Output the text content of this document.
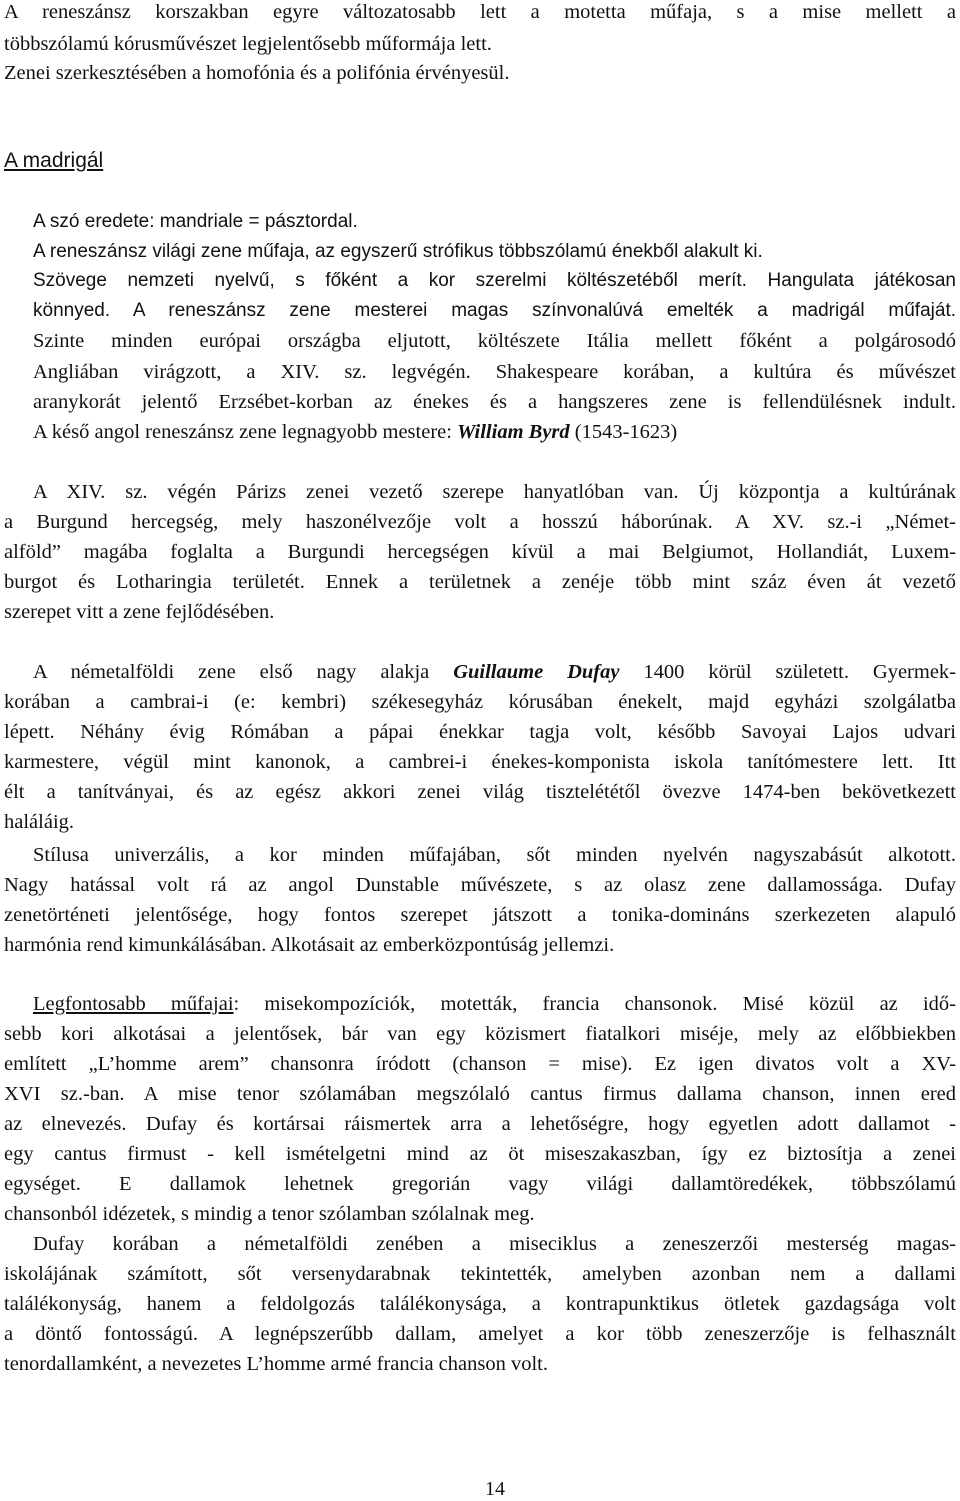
A reneszánsz korszakban egyre változatosabb lett a motetta műfaja, s a mise mellett a
többszólamú kórusművészet legjelentősebb műformája lett.
Zenei szerkesztésében a homofónia és a polifónia érvényesül.
A madrigál
A szó eredete: mandriale = pásztordal.
A reneszánsz világi zene műfaja, az egyszerű strófikus többszólamú énekből alakult ki.
Szövege nemzeti nyelvű, s főként a kor szerelmi költészetéből merít. Hangulata játékosan
könnyed. A reneszánsz zene mesterei magas színvonalúvá emelték a madrigál műfaját.
Szinte minden európai országba eljutott, költészete Itália mellett főként a polgárosodó
Angliában virágzott, a XIV. sz. legvégén. Shakespeare korában, a kultúra és művészet
aranykorát jelentő Erzsébet-korban az énekes és a hangszeres zene is fellendülésnek indult.
A késő angol reneszánsz zene legnagyobb mestere: William Byrd (1543-1623)
A XIV. sz. végén Párizs zenei vezető szerepe hanyatlóban van. Új központja a kultúrának
a Burgund hercegség, mely haszonélvezője volt a hosszú háborúnak. A XV. sz.-i „Német-
alföld” magába foglalta a Burgundi hercegségen kívül a mai Belgiumot, Hollandiát, Luxem-
burgot és Lotharingia területét. Ennek a területnek a zenéje több mint száz éven át vezető
szerepet vitt a zene fejlődésében.
A németalföldi zene első nagy alakja Guillaume Dufay 1400 körül született. Gyermek-
korában a cambrai-i (e: kembri) székesegyház kórusában énekelt, majd egyházi szolgálatba
lépett. Néhány évig Rómában a pápai énekkar tagja volt, később Savoyai Lajos udvari
karmestere, végül mint kanonok, a cambrei-i énekes-komponista iskola tanítómestere lett. Itt
élt a tanítványai, és az egész akkori zenei világ tisztelététől övezve 1474-ben bekövetkezett
haláláig.
Stílusa univerzális, a kor minden műfajában, sőt minden nyelvén nagyszabásút alkotott.
Nagy hatással volt rá az angol Dunstable művészete, s az olasz zene dallamossága. Dufay
zenetörténeti jelentősége, hogy fontos szerepet játszott a tonika-domináns szerkezeten alapuló
harmónia rend kimunkálásában. Alkotásait az emberközpontúság jellemzi.
Legfontosabb műfajai: misekompozíciók, motetták, francia chansonok. Misé közül az idő-
sebb kori alkotásai a jelentősek, bár van egy közismert fiatalkori miséje, mely az előbbiekben
említett „L’homme arem” chansonra íródott (chanson = mise). Ez igen divatos volt a XV-
XVI sz.-ban. A mise tenor szólamában megszólaló cantus firmus dallama chanson, innen ered
az elnevezés. Dufay és kortársai ráismertek arra a lehetőségre, hogy egyetlen adott dallamot -
egy cantus firmust - kell ismételgetni mind az öt miseszakaszban, így ez biztosítja a zenei
egységet. E dallamok lehetnek gregorián vagy világi dallamtöredékek, többszólamú
chansonból idézetek, s mindig a tenor szólamban szólalnak meg.
Dufay korában a németalföldi zenében a miseciklus a zeneszerzői mesterség magas-
iskolájának számított, sőt versenydarabnak tekintették, amelyben azonban nem a dallami
találékonyság, hanem a feldolgozás találékonysága, a kontrapunktikus ötletek gazdagsága volt
a döntő fontosságú. A legnépszerűbb dallam, amelyet a kor több zeneszerzője is felhasznált
tenordallamként, a nevezetes L’homme armé francia chanson volt.
14
